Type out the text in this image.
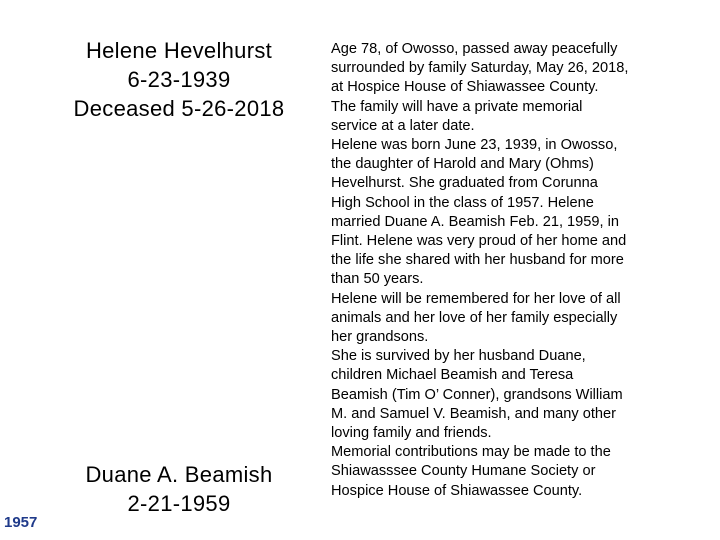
Helene Hevelhurst
6-23-1939
Deceased 5-26-2018
Duane A. Beamish
2-21-1959
1957
Age 78, of Owosso, passed away peacefully
surrounded by family Saturday, May 26, 2018,
at Hospice House of Shiawassee County.
The family will have a private memorial
service at a later date.
Helene was born June 23, 1939, in Owosso,
the daughter of Harold and Mary (Ohms)
Hevelhurst. She graduated from Corunna
High School in the class of 1957. Helene
married Duane A. Beamish Feb. 21, 1959, in
Flint. Helene was very proud of her home and
the life she shared with her husband for more
than 50 years.
Helene will be remembered for her love of all
animals and her love of her family especially
her grandsons.
She is survived by her husband Duane,
children Michael Beamish and Teresa
Beamish (Tim O’ Conner), grandsons William
M. and Samuel V. Beamish, and many other
loving family and friends.
Memorial contributions may be made to the
Shiawasssee County Humane Society or
Hospice House of Shiawassee County.
